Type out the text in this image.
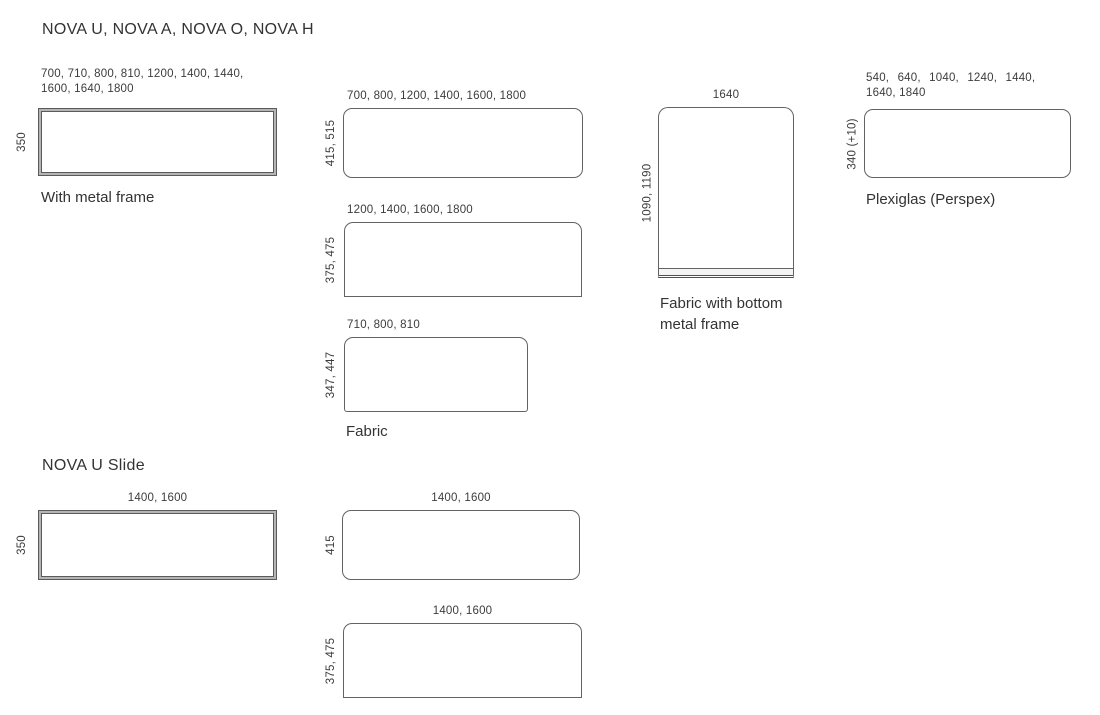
NOVA U, NOVA A, NOVA O, NOVA H
700, 710, 800, 810, 1200, 1400, 1440,
1600, 1640, 1800
350
With metal frame
700, 800, 1200, 1400, 1600, 1800
415, 515
1200, 1400, 1600, 1800
375, 475
710, 800, 810
347, 447
Fabric
1640
1090, 1190
Fabric with bottom
metal frame
540, 640, 1040, 1240, 1440,
1640, 1840
340 (+10)
Plexiglas (Perspex)
NOVA U Slide
1400, 1600
350
1400, 1600
415
1400, 1600
375, 475
